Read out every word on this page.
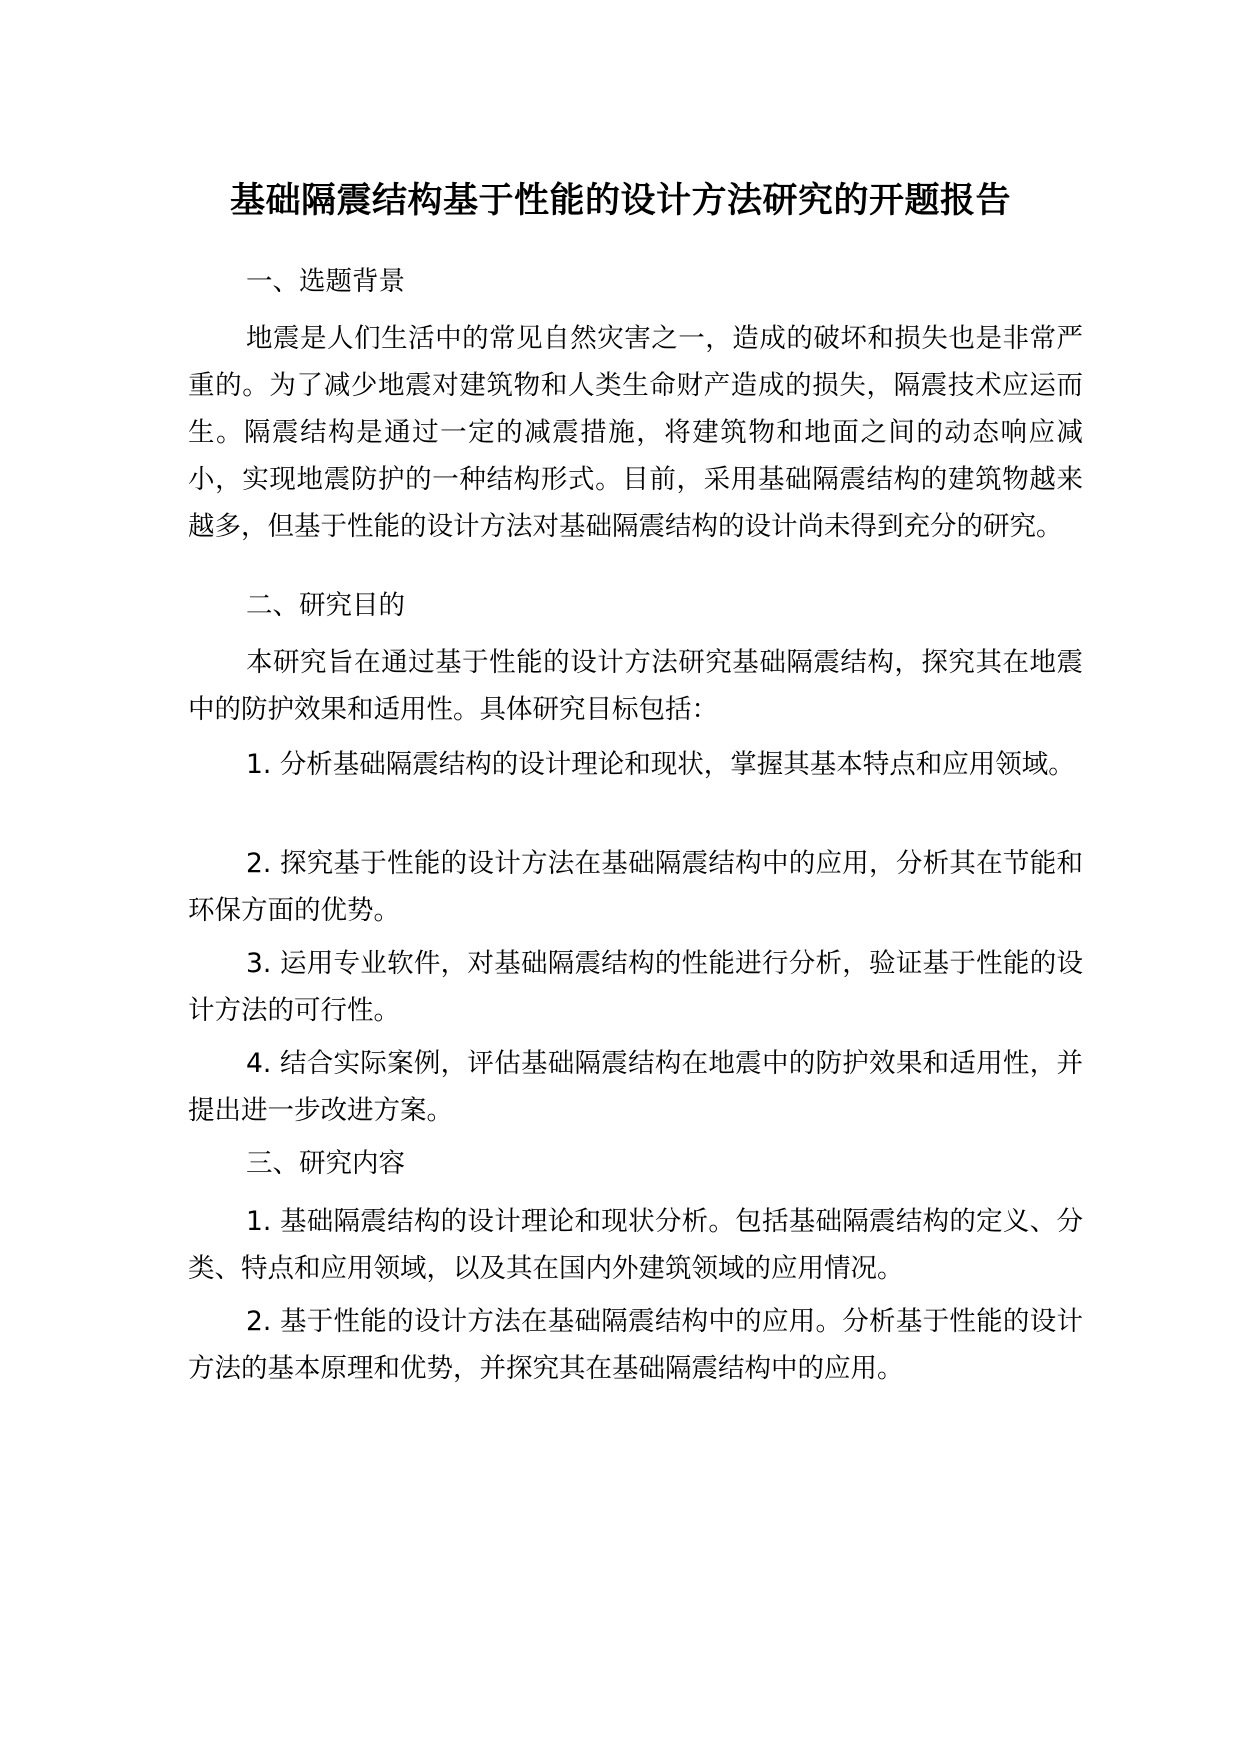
基础隔震结构基于性能的设计方法研究的开题报告

一、选题背景

地震是人们生活中的常见自然灾害之一，造成的破坏和损失也是非常严重的。为了减少地震对建筑物和人类生命财产造成的损失，隔震技术应运而生。隔震结构是通过一定的减震措施，将建筑物和地面之间的动态响应减小，实现地震防护的一种结构形式。目前，采用基础隔震结构的建筑物越来越多，但基于性能的设计方法对基础隔震结构的设计尚未得到充分的研究。

二、研究目的

本研究旨在通过基于性能的设计方法研究基础隔震结构，探究其在地震中的防护效果和适用性。具体研究目标包括：

1. 分析基础隔震结构的设计理论和现状，掌握其基本特点和应用领域。

2. 探究基于性能的设计方法在基础隔震结构中的应用，分析其在节能和环保方面的优势。

3. 运用专业软件，对基础隔震结构的性能进行分析，验证基于性能的设计方法的可行性。

4. 结合实际案例，评估基础隔震结构在地震中的防护效果和适用性，并提出进一步改进方案。

三、研究内容

1. 基础隔震结构的设计理论和现状分析。包括基础隔震结构的定义、分类、特点和应用领域，以及其在国内外建筑领域的应用情况。

2. 基于性能的设计方法在基础隔震结构中的应用。分析基于性能的设计方法的基本原理和优势，并探究其在基础隔震结构中的应用。
